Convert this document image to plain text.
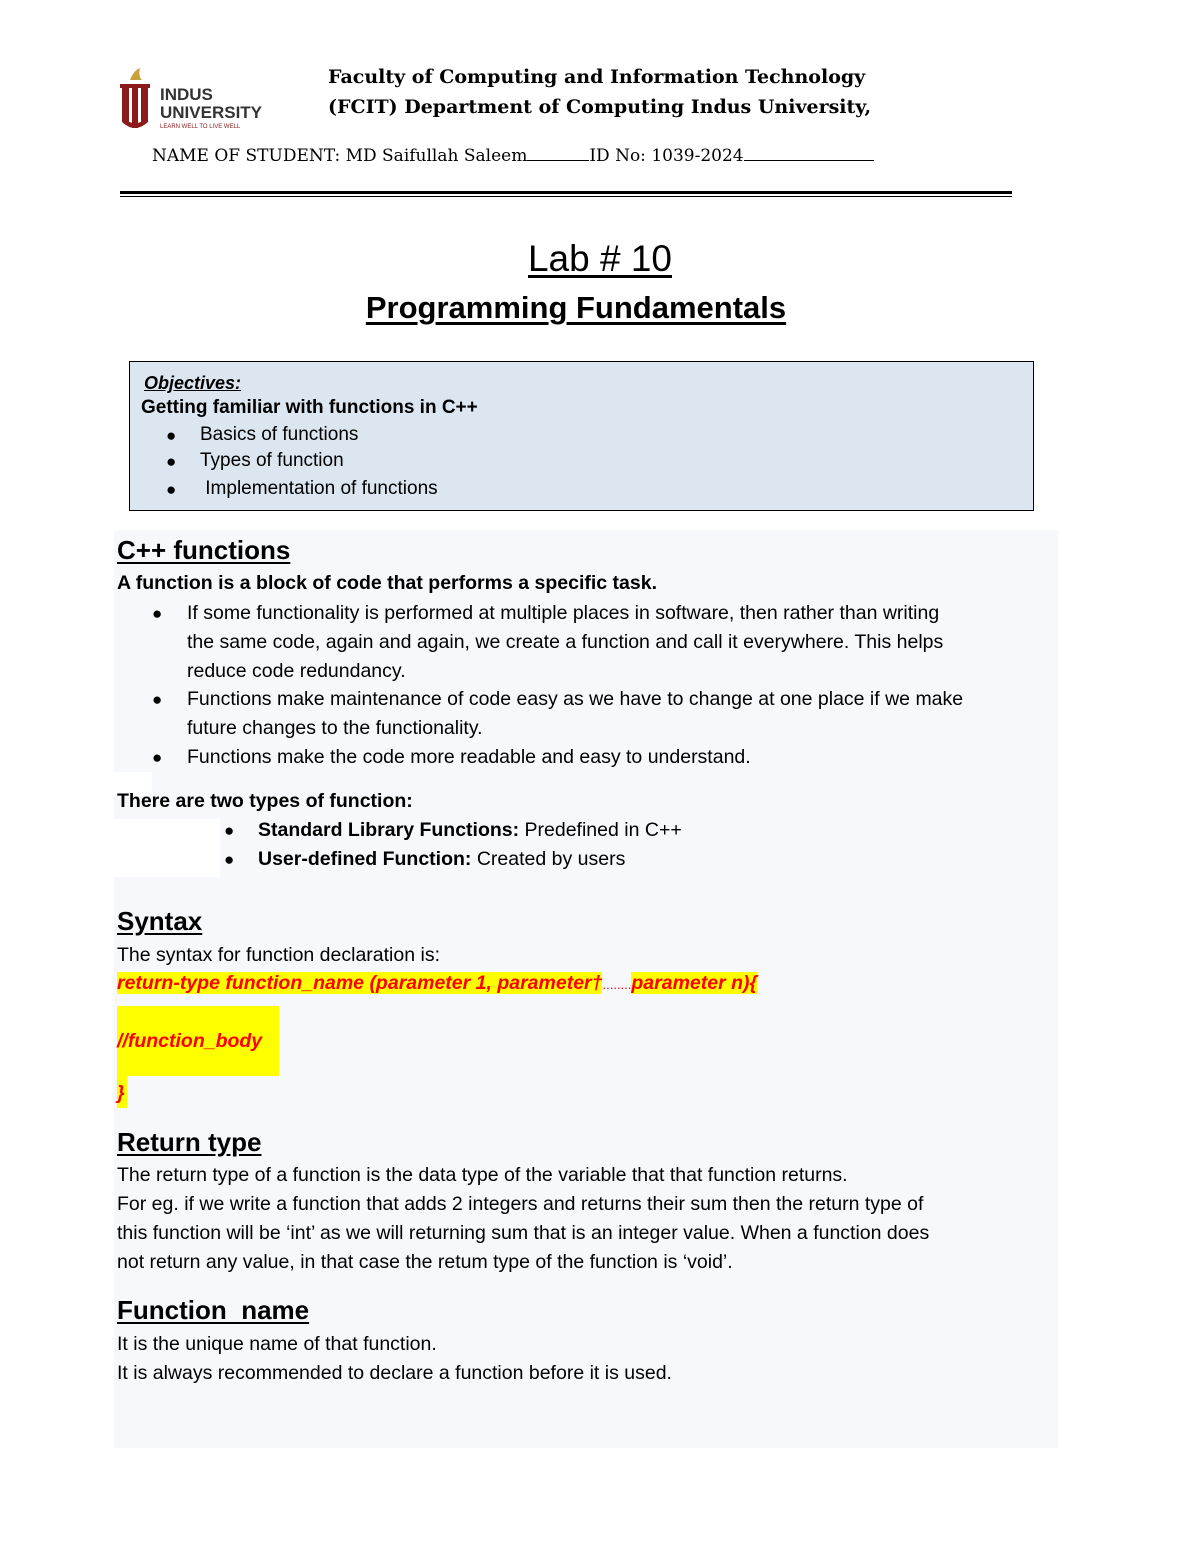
INDUS
UNIVERSITY
LEARN WELL TO LIVE WELL
Faculty of Computing and Information Technology
(FCIT) Department of Computing Indus University,
NAME OF STUDENT: MD Saifullah Saleem	ID No: 1039-2024
Lab # 10
Programming Fundamentals
Objectives:
Getting familiar with functions in C++
● Basics of functions
● Types of function
● Implementation of functions
C++ functions
A function is a block of code that performs a specific task.
● If some functionality is performed at multiple places in software, then rather than writing
the same code, again and again, we create a function and call it everywhere. This helps
reduce code redundancy.
● Functions make maintenance of code easy as we have to change at one place if we make
future changes to the functionality.
● Functions make the code more readable and easy to understand.
There are two types of function:
● Standard Library Functions: Predefined in C++
● User-defined Function: Created by users
Syntax
The syntax for function declaration is:
return-type function_name (parameter 1, parameter†........parameter n){
//function_body
}
Return type
The return type of a function is the data type of the variable that that function returns.
For eg. if we write a function that adds 2 integers and returns their sum then the return type of
this function will be ‘int’ as we will returning sum that is an integer value. When a function does
not return any value, in that case the retum type of the function is ‘void’.
Function  name
It is the unique name of that function.
It is always recommended to declare a function before it is used.
